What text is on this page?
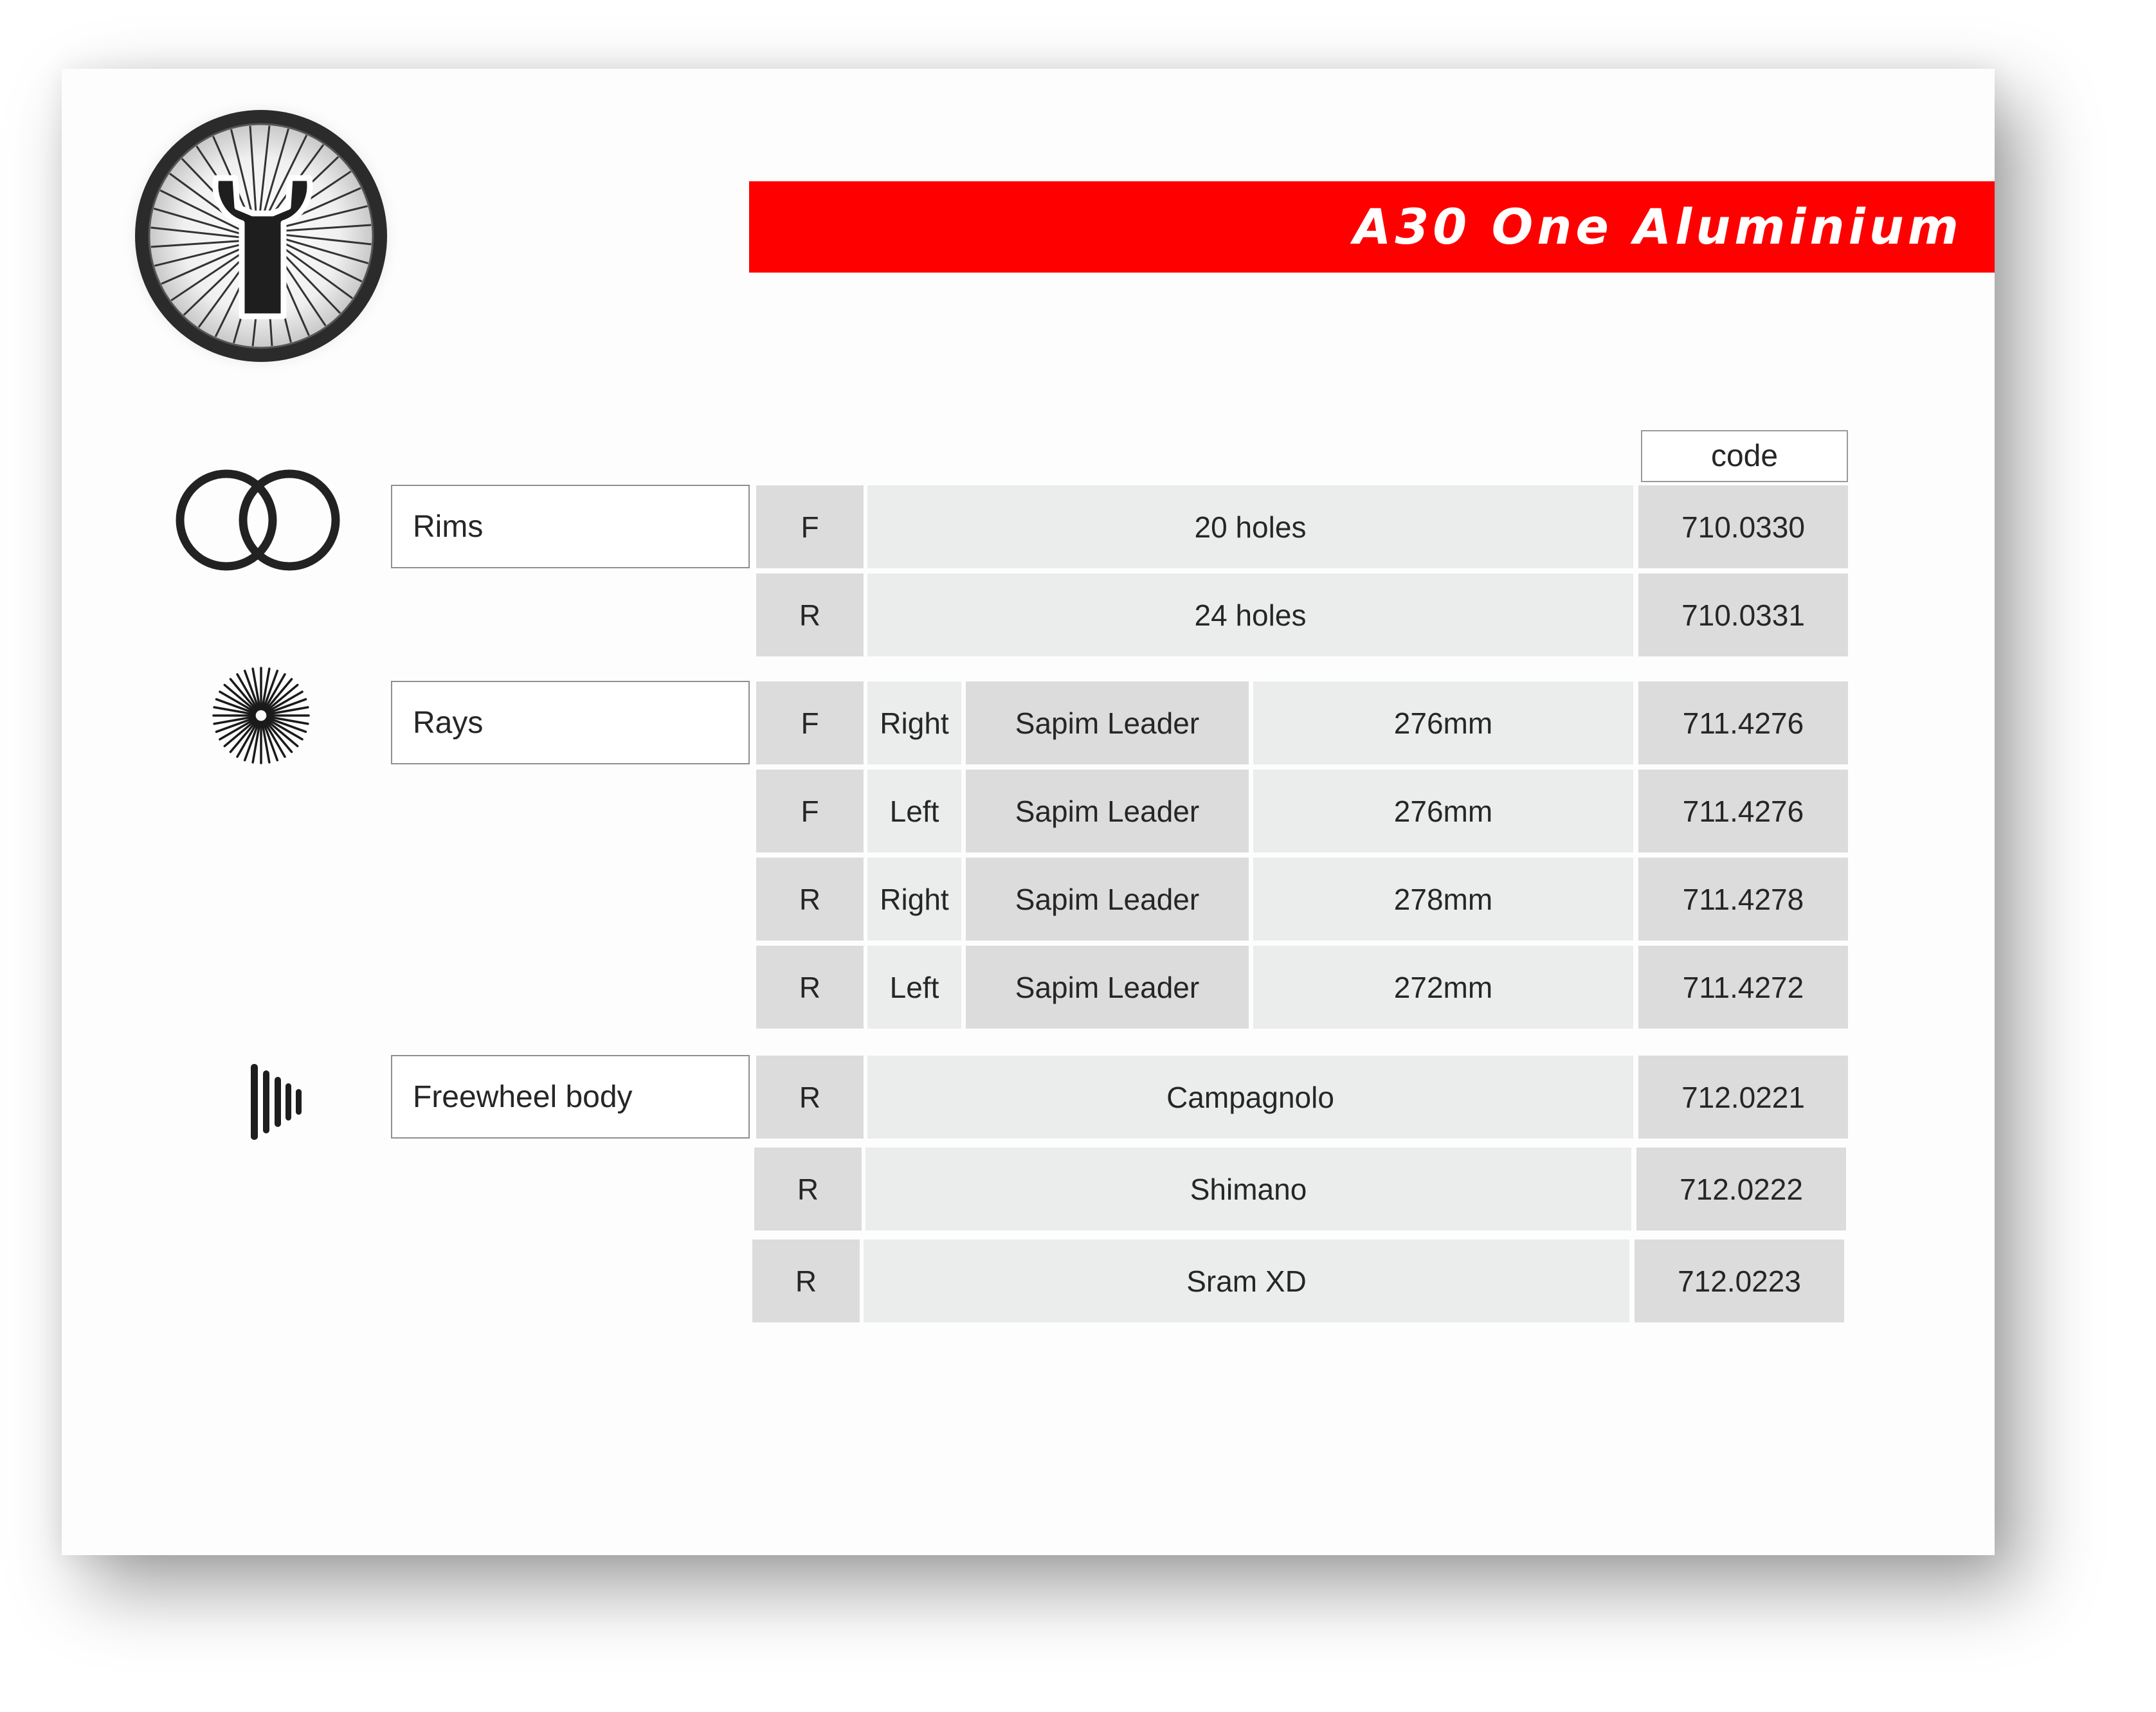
A30 One Aluminium
code
Rims	F	20 holes	710.0330
R	24 holes	710.0331
Rays	F	Right	Sapim Leader	276mm	711.4276
F	Left	Sapim Leader	276mm	711.4276
R	Right	Sapim Leader	278mm	711.4278
R	Left	Sapim Leader	272mm	711.4272
Freewheel body	R	Campagnolo	712.0221
R	Shimano	712.0222
R	Sram XD	712.0223
